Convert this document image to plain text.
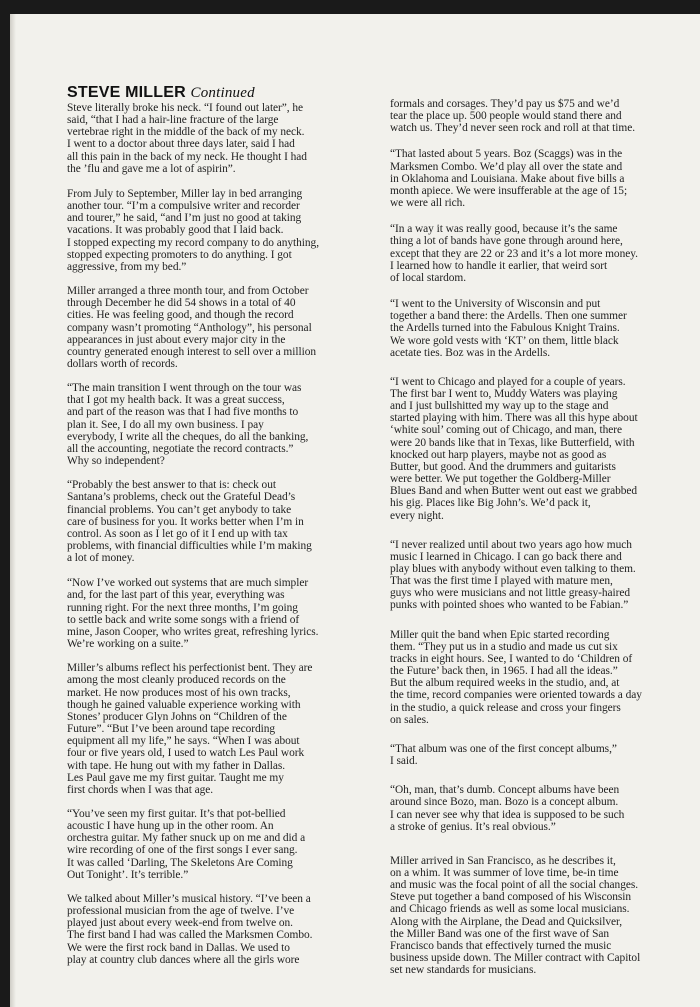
STEVE MILLER Continued

Steve literally broke his neck. “I found out later”, he
said, “that I had a hair-line fracture of the large
vertebrae right in the middle of the back of my neck.
I went to a doctor about three days later, said I had
all this pain in the back of my neck. He thought I had
the ’flu and gave me a lot of aspirin”.

From July to September, Miller lay in bed arranging
another tour. “I’m a compulsive writer and recorder
and tourer,” he said, “and I’m just no good at taking
vacations. It was probably good that I laid back.
I stopped expecting my record company to do anything,
stopped expecting promoters to do anything. I got
aggressive, from my bed.”

Miller arranged a three month tour, and from October
through December he did 54 shows in a total of 40
cities. He was feeling good, and though the record
company wasn’t promoting “Anthology”, his personal
appearances in just about every major city in the
country generated enough interest to sell over a million
dollars worth of records.

“The main transition I went through on the tour was
that I got my health back. It was a great success,
and part of the reason was that I had five months to
plan it. See, I do all my own business. I pay
everybody, I write all the cheques, do all the banking,
all the accounting, negotiate the record contracts.”
Why so independent?

“Probably the best answer to that is: check out
Santana’s problems, check out the Grateful Dead’s
financial problems. You can’t get anybody to take
care of business for you. It works better when I’m in
control. As soon as I let go of it I end up with tax
problems, with financial difficulties while I’m making
a lot of money.

“Now I’ve worked out systems that are much simpler
and, for the last part of this year, everything was
running right. For the next three months, I’m going
to settle back and write some songs with a friend of
mine, Jason Cooper, who writes great, refreshing lyrics.
We’re working on a suite.”

Miller’s albums reflect his perfectionist bent. They are
among the most cleanly produced records on the
market. He now produces most of his own tracks,
though he gained valuable experience working with
Stones’ producer Glyn Johns on “Children of the
Future”. “But I’ve been around tape recording
equipment all my life,” he says. “When I was about
four or five years old, I used to watch Les Paul work
with tape. He hung out with my father in Dallas.
Les Paul gave me my first guitar. Taught me my
first chords when I was that age.

“You’ve seen my first guitar. It’s that pot-bellied
acoustic I have hung up in the other room. An
orchestra guitar. My father snuck up on me and did a
wire recording of one of the first songs I ever sang.
It was called ‘Darling, The Skeletons Are Coming
Out Tonight’. It’s terrible.”

We talked about Miller’s musical history. “I’ve been a
professional musician from the age of twelve. I’ve
played just about every week-end from twelve on.
The first band I had was called the Marksmen Combo.
We were the first rock band in Dallas. We used to
play at country club dances where all the girls wore

formals and corsages. They’d pay us $75 and we’d
tear the place up. 500 people would stand there and
watch us. They’d never seen rock and roll at that time.

“That lasted about 5 years. Boz (Scaggs) was in the
Marksmen Combo. We’d play all over the state and
in Oklahoma and Louisiana. Make about five bills a
month apiece. We were insufferable at the age of 15;
we were all rich.

“In a way it was really good, because it’s the same
thing a lot of bands have gone through around here,
except that they are 22 or 23 and it’s a lot more money.
I learned how to handle it earlier, that weird sort
of local stardom.

“I went to the University of Wisconsin and put
together a band there: the Ardells. Then one summer
the Ardells turned into the Fabulous Knight Trains.
We wore gold vests with ‘KT’ on them, little black
acetate ties. Boz was in the Ardells.

“I went to Chicago and played for a couple of years.
The first bar I went to, Muddy Waters was playing
and I just bullshitted my way up to the stage and
started playing with him. There was all this hype about
‘white soul’ coming out of Chicago, and man, there
were 20 bands like that in Texas, like Butterfield, with
knocked out harp players, maybe not as good as
Butter, but good. And the drummers and guitarists
were better. We put together the Goldberg-Miller
Blues Band and when Butter went out east we grabbed
his gig. Places like Big John’s. We’d pack it,
every night.

“I never realized until about two years ago how much
music I learned in Chicago. I can go back there and
play blues with anybody without even talking to them.
That was the first time I played with mature men,
guys who were musicians and not little greasy-haired
punks with pointed shoes who wanted to be Fabian.”

Miller quit the band when Epic started recording
them. “They put us in a studio and made us cut six
tracks in eight hours. See, I wanted to do ‘Children of
the Future’ back then, in 1965. I had all the ideas.”
But the album required weeks in the studio, and, at
the time, record companies were oriented towards a day
in the studio, a quick release and cross your fingers
on sales.

“That album was one of the first concept albums,”
I said.

“Oh, man, that’s dumb. Concept albums have been
around since Bozo, man. Bozo is a concept album.
I can never see why that idea is supposed to be such
a stroke of genius. It’s real obvious.”

Miller arrived in San Francisco, as he describes it,
on a whim. It was summer of love time, be-in time
and music was the focal point of all the social changes.
Steve put together a band composed of his Wisconsin
and Chicago friends as well as some local musicians.
Along with the Airplane, the Dead and Quicksilver,
the Miller Band was one of the first wave of San
Francisco bands that effectively turned the music
business upside down. The Miller contract with Capitol
set new standards for musicians.
